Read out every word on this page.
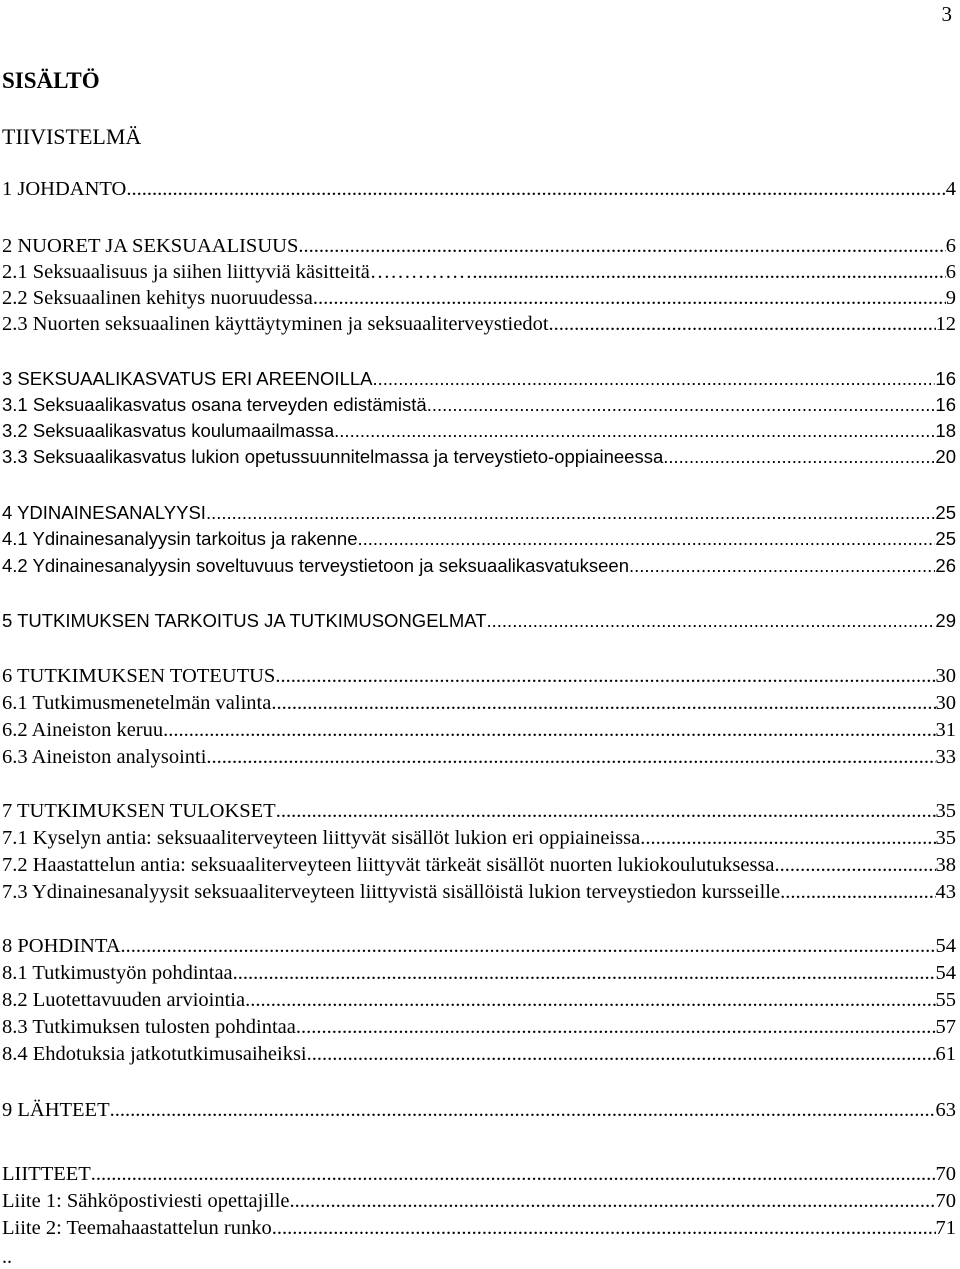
3
SISÄLTÖ
TIIVISTELMÄ
1 JOHDANTO .....	4
2 NUORET JA SEKSUAALISUUS .....	6
2.1 Seksuaalisuus ja siihen liittyviä käsitteitä…………… .....	6
2.2 Seksuaalinen kehitys nuoruudessa .....	9
2.3 Nuorten seksuaalinen käyttäytyminen ja seksuaaliterveystiedot .....	12
3 SEKSUAALIKASVATUS ERI AREENOILLA .....	16
3.1 Seksuaalikasvatus osana terveyden edistämistä .....	16
3.2 Seksuaalikasvatus koulumaailmassa .....	18
3.3 Seksuaalikasvatus lukion opetussuunnitelmassa ja terveystieto-oppiaineessa .....	20
4 YDINAINESANALYYSI .....	25
4.1 Ydinainesanalyysin tarkoitus ja rakenne .....	25
4.2 Ydinainesanalyysin soveltuvuus terveystietoon ja seksuaalikasvatukseen .....	26
5 TUTKIMUKSEN TARKOITUS JA TUTKIMUSONGELMAT .....	29
6 TUTKIMUKSEN TOTEUTUS .....	30
6.1 Tutkimusmenetelmän valinta .....	30
6.2 Aineiston keruu .....	31
6.3 Aineiston analysointi .....	33
7 TUTKIMUKSEN TULOKSET .....	35
7.1 Kyselyn antia: seksuaaliterveyteen liittyvät sisällöt lukion eri oppiaineissa .....	35
7.2 Haastattelun antia: seksuaaliterveyteen liittyvät tärkeät sisällöt nuorten lukiokoulutuksessa .....	38
7.3 Ydinainesanalyysit seksuaaliterveyteen liittyvistä sisällöistä lukion terveystiedon kursseille .....	43
8 POHDINTA .....	54
8.1 Tutkimustyön pohdintaa .....	54
8.2 Luotettavuuden arviointia .....	55
8.3 Tutkimuksen tulosten pohdintaa .....	57
8.4 Ehdotuksia jatkotutkimusaiheiksi .....	61
9 LÄHTEET .....	63
LIITTEET .....	70
Liite 1: Sähköpostiviesti opettajille .....	70
Liite 2: Teemahaastattelun runko .....	71
..
